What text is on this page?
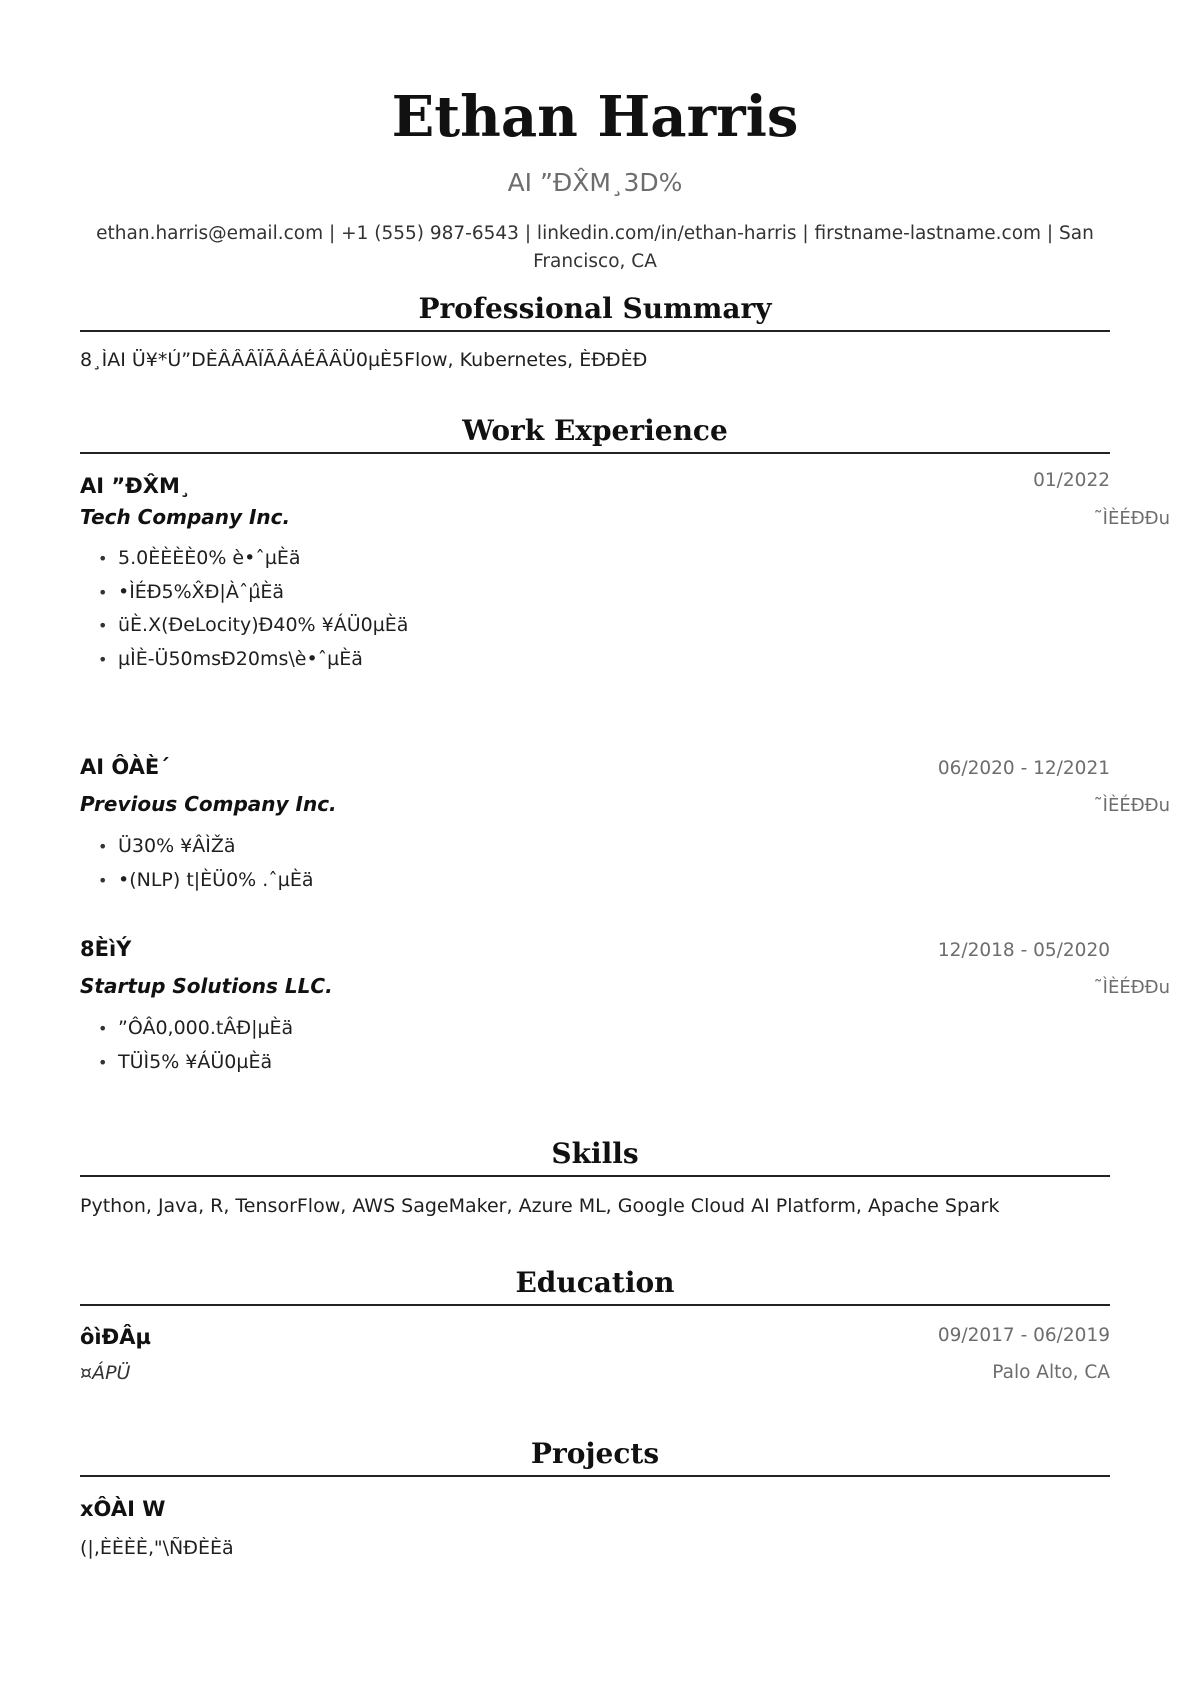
Ethan Harris
AI ”ÐX̂M¸3D%
ethan.harris@email.com | +1 (555) 987-6543 | linkedin.com/in/ethan-harris | firstname-lastname.com | San Francisco, CA
Professional Summary
8¸ÌAI Ü¥*Ú”DÈÂÂÂÏÃÂÁÉÂÂÜ0µÈ5Flow, Kubernetes, ÈÐÐÈÐ
Work Experience
AI ”ÐX̂M¸	01/2022
Tech Company Inc.	˜ÌÈÉÐÐu
• 5.0ÈÈÈÈ0% è•ˆµÈä
• •ÌÉÐ5%X̂Ð|Àˆµ̂Èä
• üÈ.X(ÐeLocity)Ð40% ¥ÁÜ0µÈä
• µÌÈ-Ü50msÐ20ms\è•ˆµÈä
AI ÔÀÈ´	06/2020 - 12/2021
Previous Company Inc.	˜ÌÈÉÐÐu
• Ü30% ¥ÂÌŽä
• •(NLP) t|ÈÜ0% .ˆµÈä
8ÈìÝ	12/2018 - 05/2020
Startup Solutions LLC.	˜ÌÈÉÐÐu
• ”ÔÂ0,000.tÂÐ|µÈä
• TÜÌ5% ¥ÁÜ0µÈä
Skills
Python, Java, R, TensorFlow, AWS SageMaker, Azure ML, Google Cloud AI Platform, Apache Spark
Education
ôìÐÂµ	09/2017 - 06/2019
¤ÁPÜ	Palo Alto, CA
Projects
xÔÀI W
(|,ÈÈÈÈ‚"\ÑÐÈÈä
